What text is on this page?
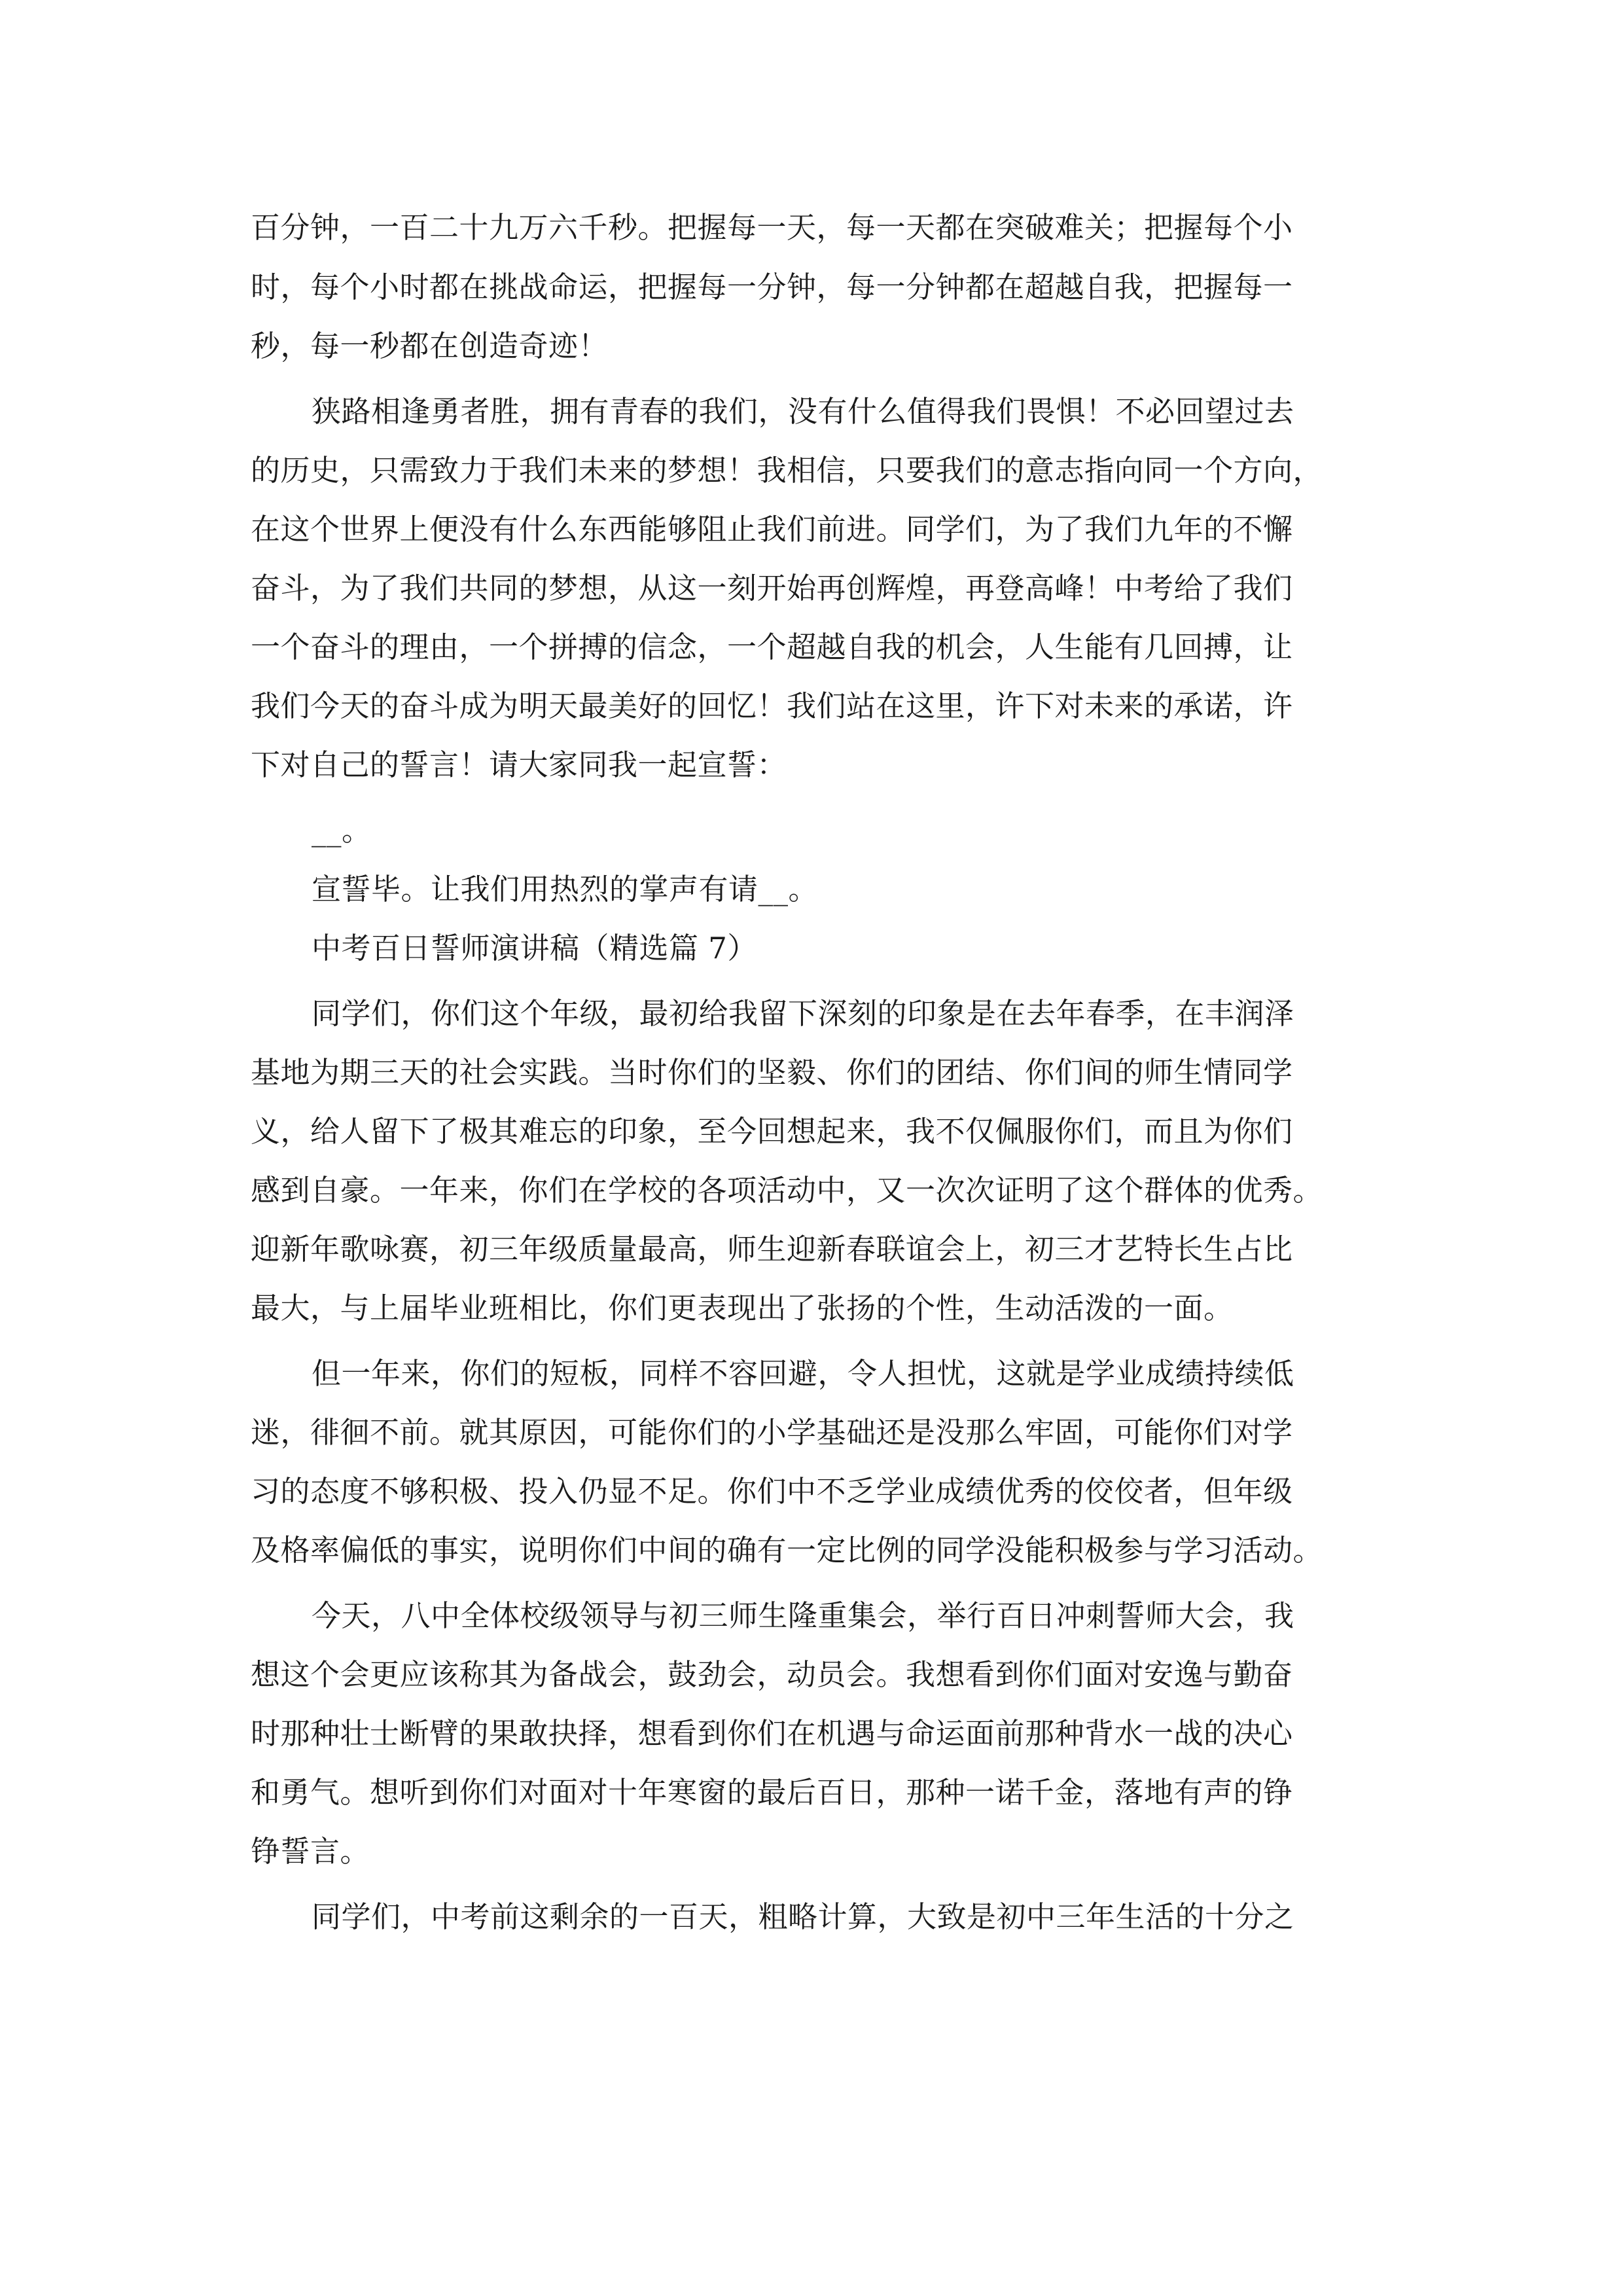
百分钟，一百二十九万六千秒。把握每一天，每一天都在突破难关；把握每个小
时，每个小时都在挑战命运，把握每一分钟，每一分钟都在超越自我，把握每一
秒，每一秒都在创造奇迹！
狭路相逢勇者胜，拥有青春的我们，没有什么值得我们畏惧！不必回望过去
的历史，只需致力于我们未来的梦想！我相信，只要我们的意志指向同一个方向，
在这个世界上便没有什么东西能够阻止我们前进。同学们，为了我们九年的不懈
奋斗，为了我们共同的梦想，从这一刻开始再创辉煌，再登高峰！中考给了我们
一个奋斗的理由，一个拼搏的信念，一个超越自我的机会，人生能有几回搏，让
我们今天的奋斗成为明天最美好的回忆！我们站在这里，许下对未来的承诺，许
下对自己的誓言！请大家同我一起宣誓：
__。
宣誓毕。让我们用热烈的掌声有请__。
中考百日誓师演讲稿（精选篇 7）
同学们，你们这个年级，最初给我留下深刻的印象是在去年春季，在丰润泽
基地为期三天的社会实践。当时你们的坚毅、你们的团结、你们间的师生情同学
义，给人留下了极其难忘的印象，至今回想起来，我不仅佩服你们，而且为你们
感到自豪。一年来，你们在学校的各项活动中，又一次次证明了这个群体的优秀。
迎新年歌咏赛，初三年级质量最高，师生迎新春联谊会上，初三才艺特长生占比
最大，与上届毕业班相比，你们更表现出了张扬的个性，生动活泼的一面。
但一年来，你们的短板，同样不容回避，令人担忧，这就是学业成绩持续低
迷，徘徊不前。就其原因，可能你们的小学基础还是没那么牢固，可能你们对学
习的态度不够积极、投入仍显不足。你们中不乏学业成绩优秀的佼佼者，但年级
及格率偏低的事实，说明你们中间的确有一定比例的同学没能积极参与学习活动。
今天，八中全体校级领导与初三师生隆重集会，举行百日冲刺誓师大会，我
想这个会更应该称其为备战会，鼓劲会，动员会。我想看到你们面对安逸与勤奋
时那种壮士断臂的果敢抉择，想看到你们在机遇与命运面前那种背水一战的决心
和勇气。想听到你们对面对十年寒窗的最后百日，那种一诺千金，落地有声的铮
铮誓言。
同学们，中考前这剩余的一百天，粗略计算，大致是初中三年生活的十分之
